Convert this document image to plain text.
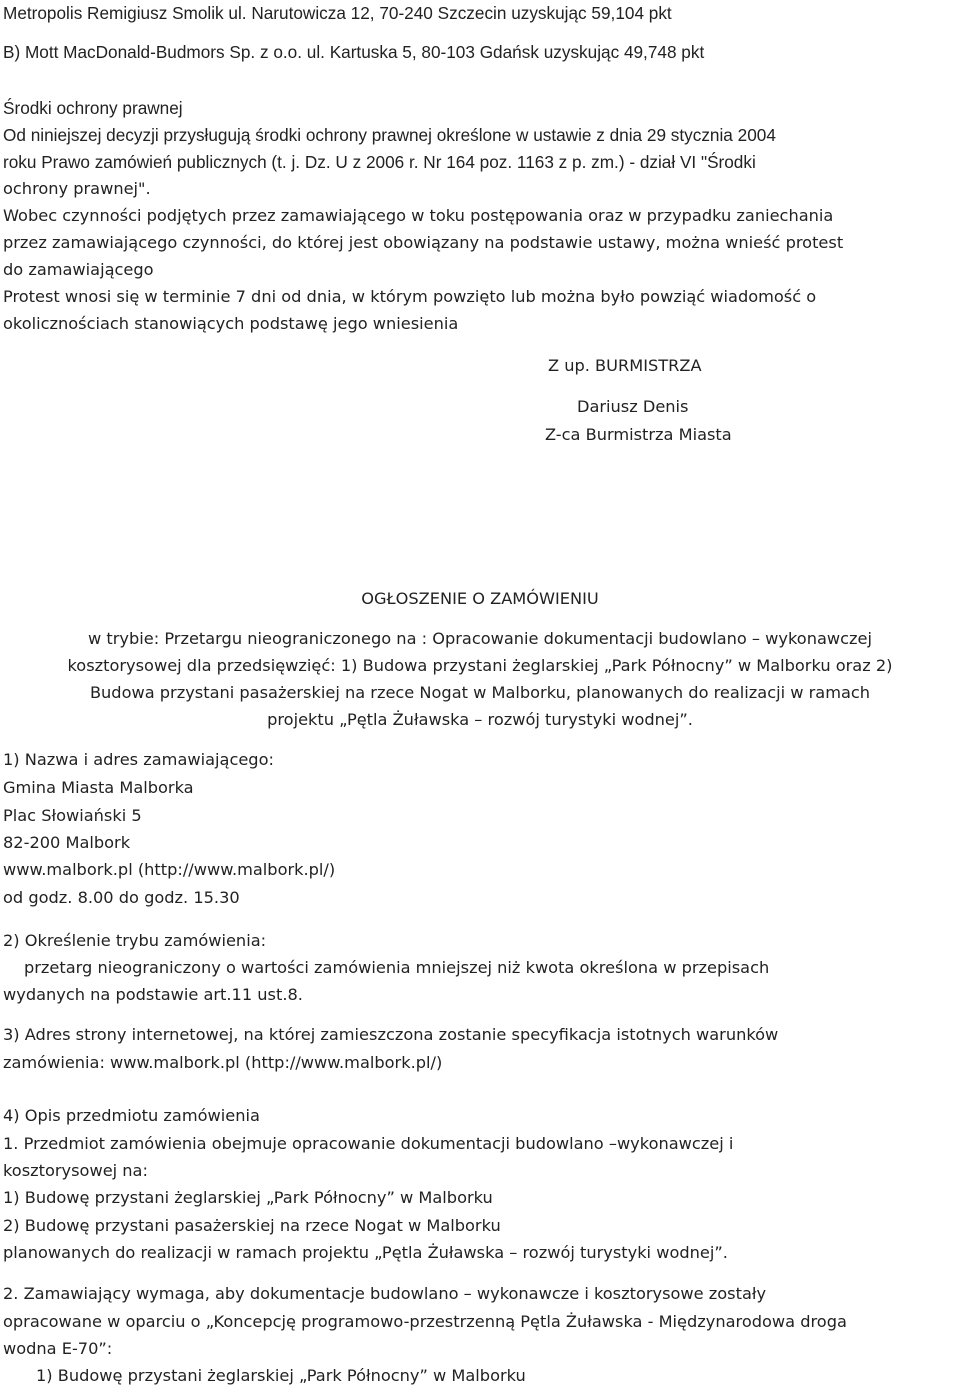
Metropolis Remigiusz Smolik ul. Narutowicza 12, 70-240 Szczecin uzyskując 59,104 pkt
B) Mott MacDonald-Budmors Sp. z o.o. ul. Kartuska 5, 80-103 Gdańsk uzyskując 49,748 pkt
Środki ochrony prawnej
Od niniejszej decyzji przysługują środki ochrony prawnej określone w ustawie z dnia 29 stycznia 2004
roku Prawo zamówień publicznych (t. j. Dz. U z 2006 r. Nr 164 poz. 1163 z p. zm.) - dział VI "Środki
ochrony prawnej".
Wobec czynności podjętych przez zamawiającego w toku postępowania oraz w przypadku zaniechania
przez zamawiającego czynności, do której jest obowiązany na podstawie ustawy, można wnieść protest
do zamawiającego
Protest wnosi się w terminie 7 dni od dnia, w którym powzięto lub można było powziąć wiadomość o
okolicznościach stanowiących podstawę jego wniesienia
Z up. BURMISTRZA
Dariusz Denis
Z-ca Burmistrza Miasta
OGŁOSZENIE O ZAMÓWIENIU
w trybie: Przetargu nieograniczonego na : Opracowanie dokumentacji budowlano – wykonawczej
kosztorysowej dla przedsięwzięć: 1) Budowa przystani żeglarskiej „Park Północny” w Malborku oraz 2)
Budowa przystani pasażerskiej na rzece Nogat w Malborku, planowanych do realizacji w ramach
projektu „Pętla Żuławska – rozwój turystyki wodnej”.
1) Nazwa i adres zamawiającego:
Gmina Miasta Malborka
Plac Słowiański 5
82-200 Malbork
www.malbork.pl (http://www.malbork.pl/)
od godz. 8.00 do godz. 15.30
2) Określenie trybu zamówienia:
przetarg nieograniczony o wartości zamówienia mniejszej niż kwota określona w przepisach
wydanych na podstawie art.11 ust.8.
3) Adres strony internetowej, na której zamieszczona zostanie specyfikacja istotnych warunków
zamówienia: www.malbork.pl (http://www.malbork.pl/)
4) Opis przedmiotu zamówienia
1. Przedmiot zamówienia obejmuje opracowanie dokumentacji budowlano –wykonawczej i
kosztorysowej na:
1) Budowę przystani żeglarskiej „Park Północny” w Malborku
2) Budowę przystani pasażerskiej na rzece Nogat w Malborku
planowanych do realizacji w ramach projektu „Pętla Żuławska – rozwój turystyki wodnej”.
2. Zamawiający wymaga, aby dokumentacje budowlano – wykonawcze i kosztorysowe zostały
opracowane w oparciu o „Koncepcję programowo-przestrzenną Pętla Żuławska - Międzynarodowa droga
wodna E-70”:
1) Budowę przystani żeglarskiej „Park Północny” w Malborku
